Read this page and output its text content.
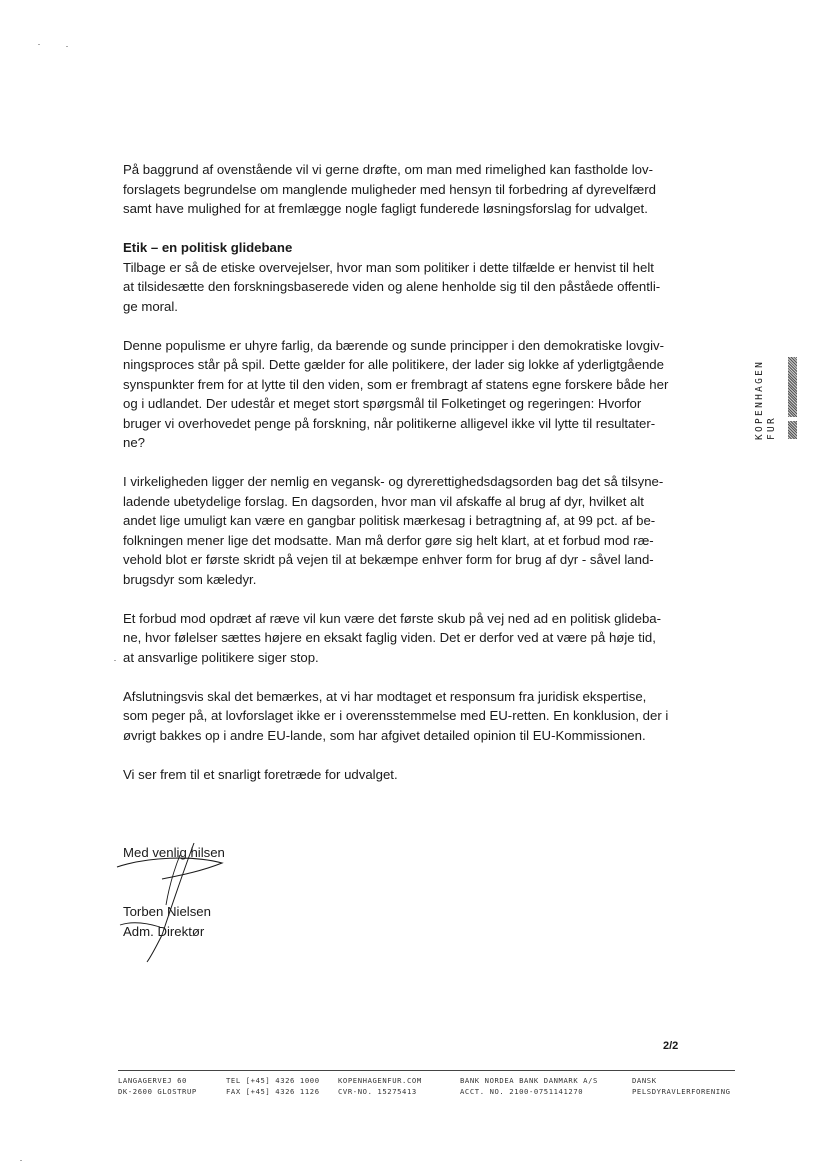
På baggrund af ovenstående vil vi gerne drøfte, om man med rimelighed kan fastholde lov-
forslagets begrundelse om manglende muligheder med hensyn til forbedring af dyrevelfærd
samt have mulighed for at fremlægge nogle fagligt funderede løsningsforslag for udvalget.

Etik – en politisk glidebane
Tilbage er så de etiske overvejelser, hvor man som politiker i dette tilfælde er henvist til helt
at tilsidesætte den forskningsbaserede viden og alene henholde sig til den påståede offentli-
ge moral.

Denne populisme er uhyre farlig, da bærende og sunde principper i den demokratiske lovgiv-
ningsproces står på spil. Dette gælder for alle politikere, der lader sig lokke af yderligtgående
synspunkter frem for at lytte til den viden, som er frembragt af statens egne forskere både her
og i udlandet. Der udestår et meget stort spørgsmål til Folketinget og regeringen: Hvorfor
bruger vi overhovedet penge på forskning, når politikerne alligevel ikke vil lytte til resultater-
ne?

I virkeligheden ligger der nemlig en vegansk- og dyrerettighedsdagsorden bag det så tilsyne-
ladende ubetydelige forslag. En dagsorden, hvor man vil afskaffe al brug af dyr, hvilket alt
andet lige umuligt kan være en gangbar politisk mærkesag i betragtning af, at 99 pct. af be-
folkningen mener lige det modsatte. Man må derfor gøre sig helt klart, at et forbud mod ræ-
vehold blot er første skridt på vejen til at bekæmpe enhver form for brug af dyr - såvel land-
brugsdyr som kæledyr.

Et forbud mod opdræt af ræve vil kun være det første skub på vej ned ad en politisk glideba-
ne, hvor følelser sættes højere en eksakt faglig viden. Det er derfor ved at være på høje tid,
at ansvarlige politikere siger stop.

Afslutningsvis skal det bemærkes, at vi har modtaget et responsum fra juridisk ekspertise,
som peger på, at lovforslaget ikke er i overensstemmelse med EU-retten. En konklusion, der i
øvrigt bakkes op i andre EU-lande, som har afgivet detailed opinion til EU-Kommissionen.

Vi ser frem til et snarligt foretræde for udvalget.

Med venlig hilsen
Torben Nielsen
Adm. Direktør
2/2
KOPENHAGEN FUR
LANGAGERVEJ 60
DK-2600 GLOSTRUP
TEL [+45] 4326 1000
FAX [+45] 4326 1126
KOPENHAGENFUR.COM
CVR-NO. 15275413
BANK NORDEA BANK DANMARK A/S
ACCT. NO. 2100-0751141270
DANSK
PELSDYRAVLERFORENING
